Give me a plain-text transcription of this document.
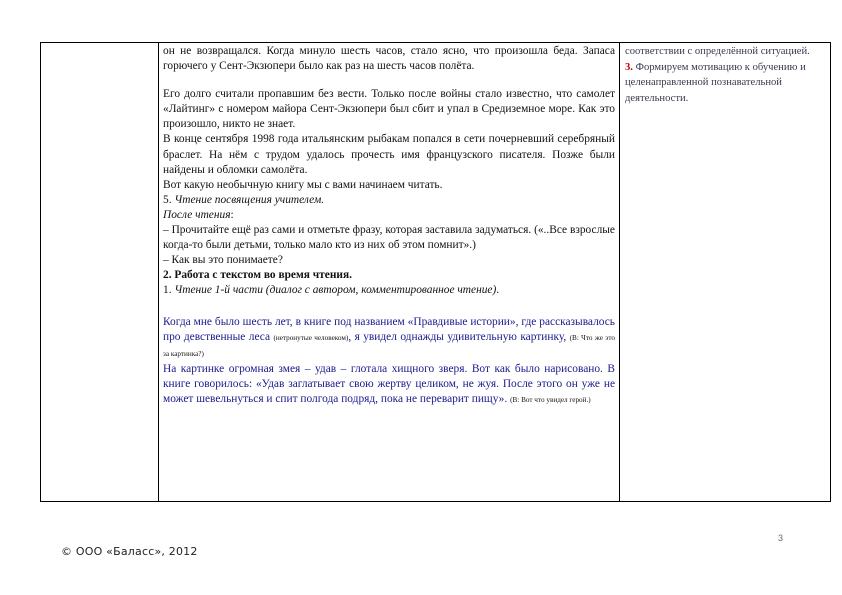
он не возвращался. Когда минуло шесть часов, стало ясно, что произошла беда. Запаса горючего у Сент-Экзюпери было как раз на шесть часов полёта.

Его долго считали пропавшим без вести. Только после войны стало известно, что самолет «Лайтинг» с номером майора Сент-Экзюпери был сбит и упал в Средиземное море. Как это произошло, никто не знает.

В конце сентября 1998 года итальянским рыбакам попался в сети почерневший серебряный браслет. На нём с трудом удалось прочесть имя французского писателя. Позже были найдены и обломки самолёта.

Вот какую необычную книгу мы с вами начинаем читать.

5. Чтение посвящения учителем.

После чтения:

– Прочитайте ещё раз сами и отметьте фразу, которая заставила задуматься. («..Все взрослые когда-то были детьми, только мало кто из них об этом помнит».)

– Как вы это понимаете?

2. Работа с текстом во время чтения.

1. Чтение 1-й части (диалог с автором, комментированное чтение).

Когда мне было шесть лет, в книге под названием «Правдивые истории», где рассказывалось про девственные леса (нетронутые человеком), я увидел однажды удивительную картинку, (В: Что же это за картинка?)

На картинке огромная змея – удав – глотала хищного зверя. Вот как было нарисовано. В книге говорилось: «Удав заглатывает свою жертву целиком, не жуя. После этого он уже не может шевельнуться и спит полгода подряд, пока не переварит пищу». (В: Вот что увидел герой.)

соответствии с определённой ситуацией.

3. Формируем мотивацию к обучению и целенаправленной познавательной деятельности.

3
© ООО «Баласс», 2012
